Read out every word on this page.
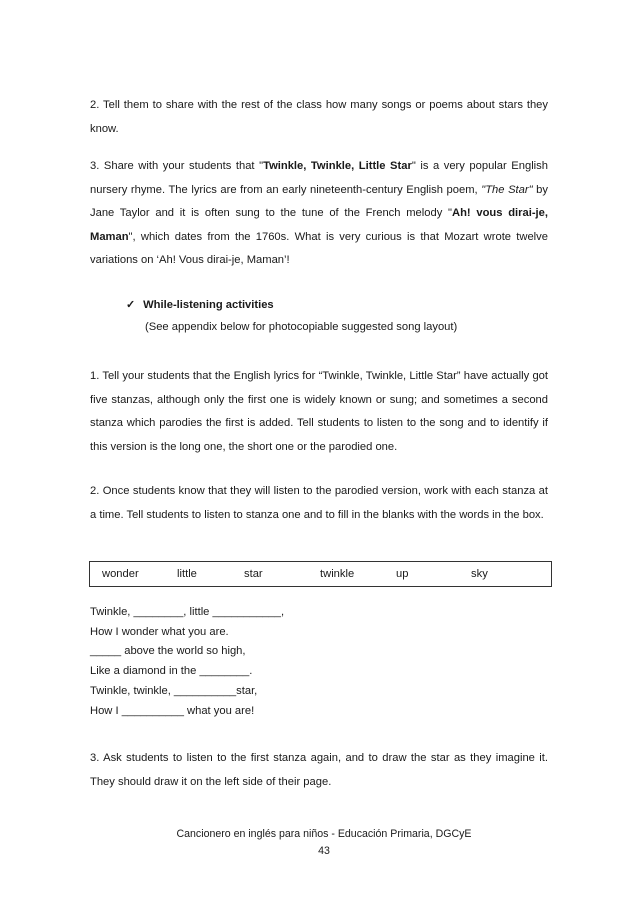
2. Tell them to share with the rest of the class how many songs or poems about stars they know.

3. Share with your students that "Twinkle, Twinkle, Little Star" is a very popular English nursery rhyme. The lyrics are from an early nineteenth-century English poem, "The Star" by Jane Taylor and it is often sung to the tune of the French melody "Ah! vous dirai-je, Maman", which dates from the 1760s. What is very curious is that Mozart wrote twelve variations on ‘Ah! Vous dirai-je, Maman’!

✓ While-listening activities
(See appendix below for photocopiable suggested song layout)

1. Tell your students that the English lyrics for “Twinkle, Twinkle, Little Star” have actually got five stanzas, although only the first one is widely known or sung; and sometimes a second stanza which parodies the first is added. Tell students to listen to the song and to identify if this version is the long one, the short one or the parodied one.

2. Once students know that they will listen to the parodied version, work with each stanza at a time. Tell students to listen to stanza one and to fill in the blanks with the words in the box.

wonder	little	star	twinkle	up	sky
Twinkle, ________, little ___________,
How I wonder what you are.
_____ above the world so high,
Like a diamond in the ________.
Twinkle, twinkle, __________star,
How I __________ what you are!

3. Ask students to listen to the first stanza again, and to draw the star as they imagine it. They should draw it on the left side of their page.

Cancionero en inglés para niños - Educación Primaria, DGCyE
43
